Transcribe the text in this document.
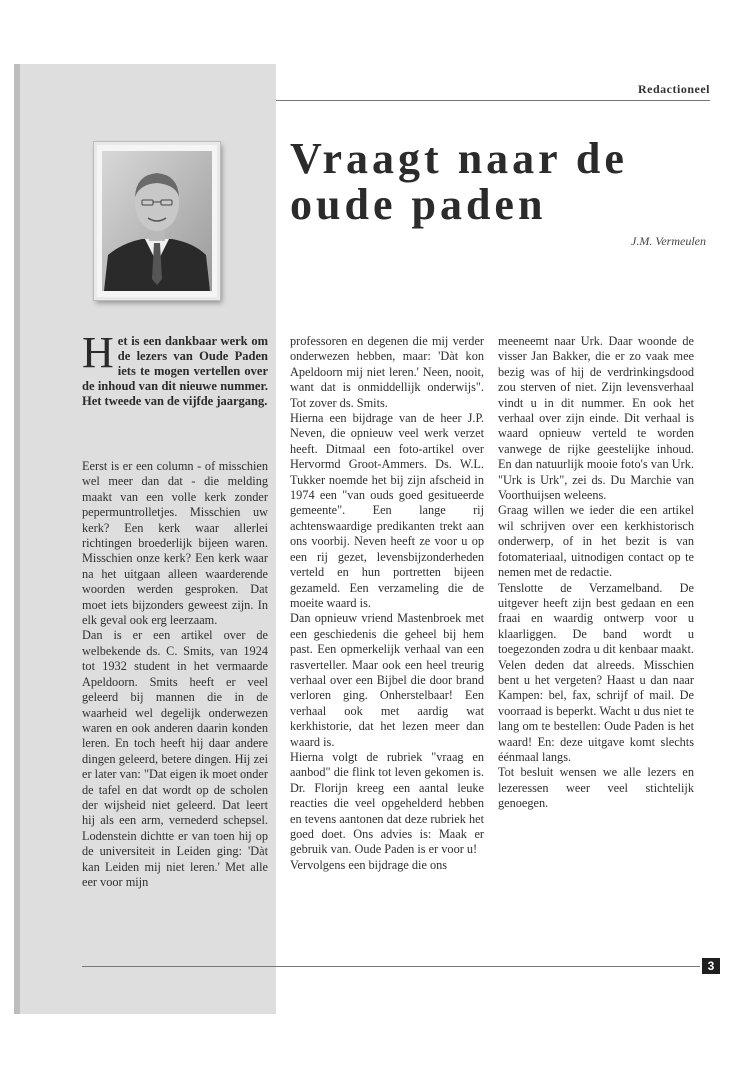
Redactioneel
Vraagt naar de oude paden
J.M. Vermeulen

Het is een dankbaar werk om de lezers van Oude Paden iets te mogen vertellen over de inhoud van dit nieuwe nummer. Het tweede van de vijfde jaargang.

Eerst is er een column - of misschien wel meer dan dat - die melding maakt van een volle kerk zonder pepermuntrolletjes. Misschien uw kerk? Een kerk waar allerlei richtingen broederlijk bijeen waren. Misschien onze kerk? Een kerk waar na het uitgaan alleen waarderende woorden werden gesproken. Dat moet iets bijzonders geweest zijn. In elk geval ook erg leerzaam.
Dan is er een artikel over de welbekende ds. C. Smits, van 1924 tot 1932 student in het vermaarde Apeldoorn. Smits heeft er veel geleerd bij mannen die in de waarheid wel degelijk onderwezen waren en ook anderen daarin konden leren. En toch heeft hij daar andere dingen geleerd, betere dingen. Hij zei er later van: "Dat eigen ik moet onder de tafel en dat wordt op de scholen der wijsheid niet geleerd. Dat leert hij als een arm, vernederd schepsel. Lodenstein dichtte er van toen hij op de universiteit in Leiden ging: 'Dàt kan Leiden mij niet leren.' Met alle eer voor mijn
professoren en degenen die mij verder onderwezen hebben, maar: 'Dàt kon Apeldoorn mij niet leren.' Neen, nooit, want dat is onmiddellijk onderwijs". Tot zover ds. Smits.
Hierna een bijdrage van de heer J.P. Neven, die opnieuw veel werk verzet heeft. Ditmaal een foto-artikel over Hervormd Groot-Ammers. Ds. W.L. Tukker noemde het bij zijn afscheid in 1974 een "van ouds goed gesitueerde gemeente". Een lange rij achtenswaardige predikanten trekt aan ons voorbij. Neven heeft ze voor u op een rij gezet, levensbijzonderheden verteld en hun portretten bijeen gezameld. Een verzameling die de moeite waard is.
Dan opnieuw vriend Mastenbroek met een geschiedenis die geheel bij hem past. Een opmerkelijk verhaal van een rasverteller. Maar ook een heel treurig verhaal over een Bijbel die door brand verloren ging. Onherstelbaar! Een verhaal ook met aardig wat kerkhistorie, dat het lezen meer dan waard is.
Hierna volgt de rubriek "vraag en aanbod" die flink tot leven gekomen is. Dr. Florijn kreeg een aantal leuke reacties die veel opgehelderd hebben en tevens aantonen dat deze rubriek het goed doet. Ons advies is: Maak er gebruik van. Oude Paden is er voor u!
Vervolgens een bijdrage die ons
meeneemt naar Urk. Daar woonde de visser Jan Bakker, die er zo vaak mee bezig was of hij de verdrinkingsdood zou sterven of niet. Zijn levensverhaal vindt u in dit nummer. En ook het verhaal over zijn einde. Dit verhaal is waard opnieuw verteld te worden vanwege de rijke geestelijke inhoud. En dan natuurlijk mooie foto's van Urk. "Urk is Urk", zei ds. Du Marchie van Voorthuijsen weleens.
Graag willen we ieder die een artikel wil schrijven over een kerkhistorisch onderwerp, of in het bezit is van fotomateriaal, uitnodigen contact op te nemen met de redactie.
Tenslotte de Verzamelband. De uitgever heeft zijn best gedaan en een fraai en waardig ontwerp voor u klaarliggen. De band wordt u toegezonden zodra u dit kenbaar maakt. Velen deden dat alreeds. Misschien bent u het vergeten? Haast u dan naar Kampen: bel, fax, schrijf of mail. De voorraad is beperkt. Wacht u dus niet te lang om te bestellen: Oude Paden is het waard! En: deze uitgave komt slechts éénmaal langs.
Tot besluit wensen we alle lezers en lezeressen weer veel stichtelijk genoegen.
3
